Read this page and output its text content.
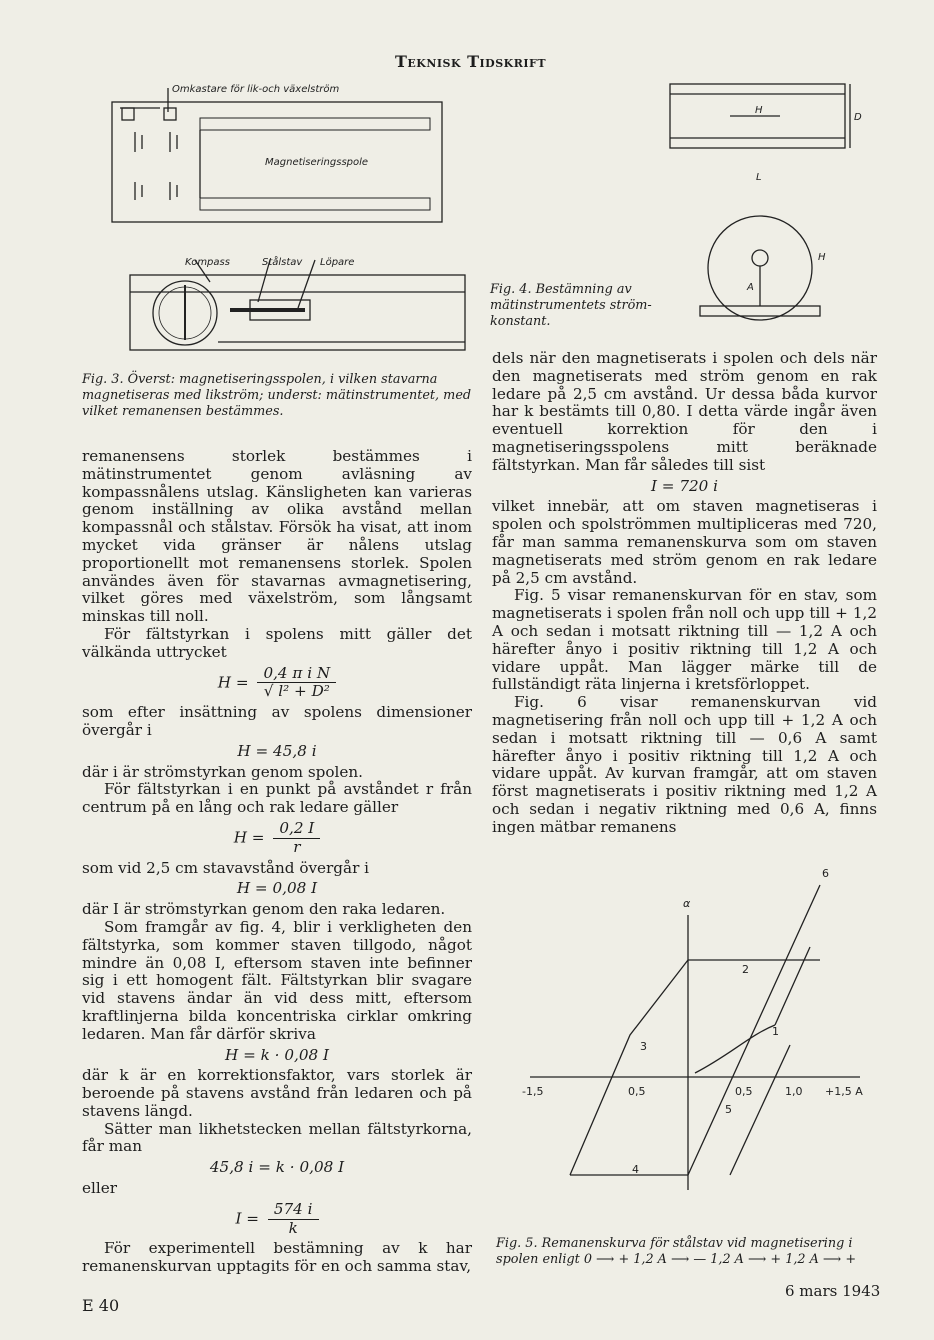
Teknisk Tidskrift
Omkastare för lik-och växelström
Magnetiseringsspole
Kompass	Stålstav Löpare
Fig. 3. Överst: magnetiseringsspolen, i vilken stavarna magnetiseras med likström; underst: mätinstrumentet, med vilket remanensen bestämmes.
H
D
L
A
H
Fig. 4. Bestämning av mätinstrumentets ström-konstant.

remanensens storlek bestämmes i mätinstrumentet genom avläsning av kompassnålens utslag. Känsligheten kan varieras genom inställning av olika avstånd mellan kompassnål och stålstav. Försök ha visat, att inom mycket vida gränser är nålens utslag proportionellt mot remanensens storlek. Spolen användes även för stavarnas avmagnetisering, vilket göres med växelström, som långsamt minskas till noll.

För fältstyrkan i spolens mitt gäller det välkända uttrycket

$H = \frac{\text{0,4 π i N}}{\text{√ l² + D²}}$

som efter insättning av spolens dimensioner övergår i

H = 45,8 i

där i är strömstyrkan genom spolen.

För fältstyrkan i en punkt på avståndet r från centrum på en lång och rak ledare gäller

$H = \frac{0,2 I}{r}$

som vid 2,5 cm stavavstånd övergår i

H = 0,08 I

där I är strömstyrkan genom den raka ledaren.

Som framgår av fig. 4, blir i verkligheten den fältstyrka, som kommer staven tillgodo, något mindre än 0,08 I, eftersom staven inte befinner sig i ett homogent fält. Fältstyrkan blir svagare vid stavens ändar än vid dess mitt, eftersom kraftlinjerna bilda koncentriska cirklar omkring ledaren. Man får därför skriva

H = k · 0,08 I

där k är en korrektionsfaktor, vars storlek är beroende på stavens avstånd från ledaren och på stavens längd.

Sätter man likhetstecken mellan fältstyrkorna, får man

45,8 i = k · 0,08 I

eller

$I = \frac{574 i}{k}$

För experimentell bestämning av k har remanenskurvan upptagits för en och samma stav,

dels när den magnetiserats i spolen och dels när den magnetiserats med ström genom en rak ledare på 2,5 cm avstånd. Ur dessa båda kurvor har k bestämts till 0,80. I detta värde ingår även eventuell korrektion för den i magnetiseringsspolens mitt beräknade fältstyrkan. Man får således till sist

I = 720 i

vilket innebär, att om staven magnetiseras i spolen och spolströmmen multipliceras med 720, får man samma remanenskurva som om staven magnetiserats med ström genom en rak ledare på 2,5 cm avstånd.

Fig. 5 visar remanenskurvan för en stav, som magnetiserats i spolen från noll och upp till + 1,2 A och sedan i motsatt riktning till — 1,2 A och härefter ånyo i positiv riktning till 1,2 A och vidare uppåt. Man lägger märke till de fullständigt räta linjerna i kretsförloppet.

Fig. 6 visar remanenskurvan vid magnetisering från noll och upp till + 1,2 A och sedan i motsatt riktning till — 0,6 A samt härefter ånyo i positiv riktning till 1,2 A och vidare uppåt. Av kurvan framgår, att om staven först magnetiserats i positiv riktning med 1,2 A och sedan i negativ riktning med 0,6 A, finns ingen mätbar remanens

α
-1,5	0,5	0,5	1,0 +1,5 A
1
2
3
4
5
6
Fig. 5. Remanenskurva för stålstav vid magnetisering i spolen enligt 0 ⟶ + 1,2 A ⟶ — 1,2 A ⟶ + 1,2 A ⟶ +
E 40
6 mars 1943
